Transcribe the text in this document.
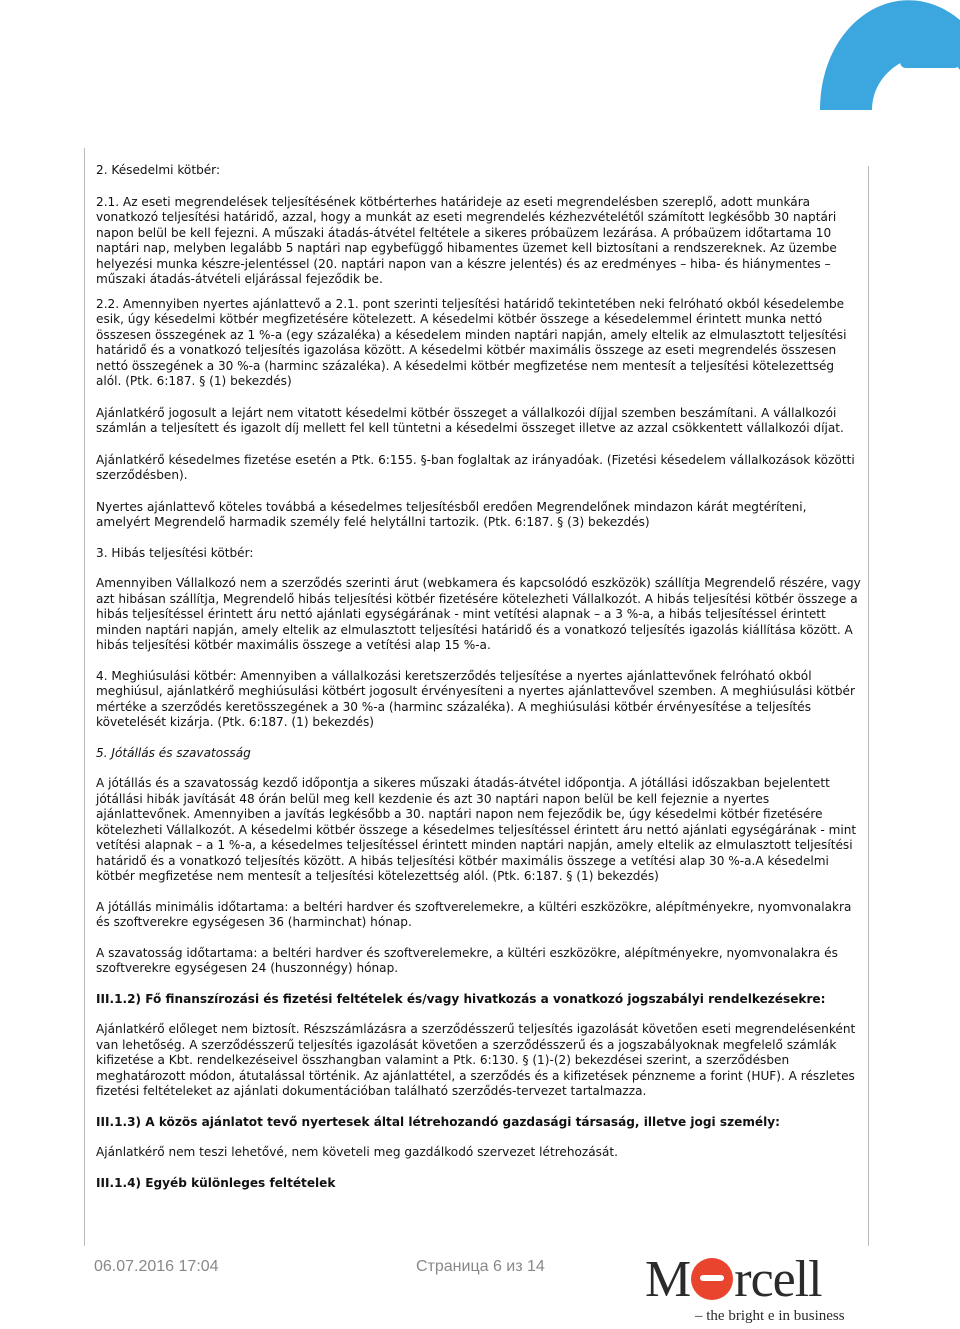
2. Késedelmi kötbér:

2.1. Az eseti megrendelések teljesítésének kötbérterhes határideje az eseti megrendelésben szereplő, adott munkára vonatkozó teljesítési határidő, azzal, hogy a munkát az eseti megrendelés kézhezvételétől számított legkésőbb 30 naptári napon belül be kell fejezni. A műszaki átadás-átvétel feltétele a sikeres próbaüzem lezárása. A próbaüzem időtartama 10 naptári nap, melyben legalább 5 naptári nap egybefüggő hibamentes üzemet kell biztosítani a rendszereknek. Az üzembe helyezési munka készre-jelentéssel (20. naptári napon van a készre jelentés) és az eredményes – hiba- és hiánymentes – műszaki átadás-átvételi eljárással fejeződik be.

2.2. Amennyiben nyertes ajánlattevő a 2.1. pont szerinti teljesítési határidő tekintetében neki felróható okból késedelembe esik, úgy késedelmi kötbér megfizetésére kötelezett. A késedelmi kötbér összege a késedelemmel érintett munka nettó összesen összegének az 1 %-a (egy százaléka) a késedelem minden naptári napján, amely eltelik az elmulasztott teljesítési határidő és a vonatkozó teljesítés igazolása között. A késedelmi kötbér maximális összege az eseti megrendelés összesen nettó összegének a 30 %-a (harminc százaléka). A késedelmi kötbér megfizetése nem mentesít a teljesítési kötelezettség alól. (Ptk. 6:187. § (1) bekezdés)

Ajánlatkérő jogosult a lejárt nem vitatott késedelmi kötbér összeget a vállalkozói díjjal szemben beszámítani. A vállalkozói számlán a teljesített és igazolt díj mellett fel kell tüntetni a késedelmi összeget illetve az azzal csökkentett vállalkozói díjat.

Ajánlatkérő késedelmes fizetése esetén a Ptk. 6:155. §-ban foglaltak az irányadóak. (Fizetési késedelem vállalkozások közötti szerződésben).

Nyertes ajánlattevő köteles továbbá a késedelmes teljesítésből eredően Megrendelőnek mindazon kárát megtéríteni, amelyért Megrendelő harmadik személy felé helytállni tartozik. (Ptk. 6:187. § (3) bekezdés)

3. Hibás teljesítési kötbér:

Amennyiben Vállalkozó nem a szerződés szerinti árut (webkamera és kapcsolódó eszközök) szállítja Megrendelő részére, vagy azt hibásan szállítja, Megrendelő hibás teljesítési kötbér fizetésére kötelezheti Vállalkozót. A hibás teljesítési kötbér összege a hibás teljesítéssel érintett áru nettó ajánlati egységárának - mint vetítési alapnak – a 3 %-a, a hibás teljesítéssel érintett minden naptári napján, amely eltelik az elmulasztott teljesítési határidő és a vonatkozó teljesítés igazolás kiállítása között. A hibás teljesítési kötbér maximális összege a vetítési alap 15 %-a.

4. Meghiúsulási kötbér: Amennyiben a vállalkozási keretszerződés teljesítése a nyertes ajánlattevőnek felróható okból meghiúsul, ajánlatkérő meghiúsulási kötbért jogosult érvényesíteni a nyertes ajánlattevővel szemben. A meghiúsulási kötbér mértéke a szerződés keretösszegének a 30 %-a (harminc százaléka). A meghiúsulási kötbér érvényesítése a teljesítés követelését kizárja. (Ptk. 6:187. (1) bekezdés)

5. Jótállás és szavatosság

A jótállás és a szavatosság kezdő időpontja a sikeres műszaki átadás-átvétel időpontja. A jótállási időszakban bejelentett jótállási hibák javítását 48 órán belül meg kell kezdenie és azt 30 naptári napon belül be kell fejeznie a nyertes ajánlattevőnek. Amennyiben a javítás legkésőbb a 30. naptári napon nem fejeződik be, úgy késedelmi kötbér fizetésére kötelezheti Vállalkozót. A késedelmi kötbér összege a késedelmes teljesítéssel érintett áru nettó ajánlati egységárának - mint vetítési alapnak – a 1 %-a, a késedelmes teljesítéssel érintett minden naptári napján, amely eltelik az elmulasztott teljesítési határidő és a vonatkozó teljesítés között. A hibás teljesítési kötbér maximális összege a vetítési alap 30 %-a.A késedelmi kötbér megfizetése nem mentesít a teljesítési kötelezettség alól. (Ptk. 6:187. § (1) bekezdés)

A jótállás minimális időtartama: a beltéri hardver és szoftverelemekre, a kültéri eszközökre, alépítményekre, nyomvonalakra és szoftverekre egységesen 36 (harminchat) hónap.

A szavatosság időtartama: a beltéri hardver és szoftverelemekre, a kültéri eszközökre, alépítményekre, nyomvonalakra és szoftverekre egységesen 24 (huszonnégy) hónap.

III.1.2) Fő finanszírozási és fizetési feltételek és/vagy hivatkozás a vonatkozó jogszabályi rendelkezésekre:

Ajánlatkérő előleget nem biztosít. Részszámlázásra a szerződésszerű teljesítés igazolását követően eseti megrendelésenként van lehetőség. A szerződésszerű teljesítés igazolását követően a szerződésszerű és a jogszabályoknak megfelelő számlák kifizetése a Kbt. rendelkezéseivel összhangban valamint a Ptk. 6:130. § (1)-(2) bekezdései szerint, a szerződésben meghatározott módon, átutalással történik. Az ajánlattétel, a szerződés és a kifizetések pénzneme a forint (HUF). A részletes fizetési feltételeket az ajánlati dokumentációban található szerződés-tervezet tartalmazza.

III.1.3) A közös ajánlatot tevő nyertesek által létrehozandó gazdasági társaság, illetve jogi személy:

Ajánlatkérő nem teszi lehetővé, nem követeli meg gazdálkodó szervezet létrehozását.

III.1.4) Egyéb különleges feltételek

06.07.2016 17:04	Страница 6 из 14 M rcell
– the bright e in business
